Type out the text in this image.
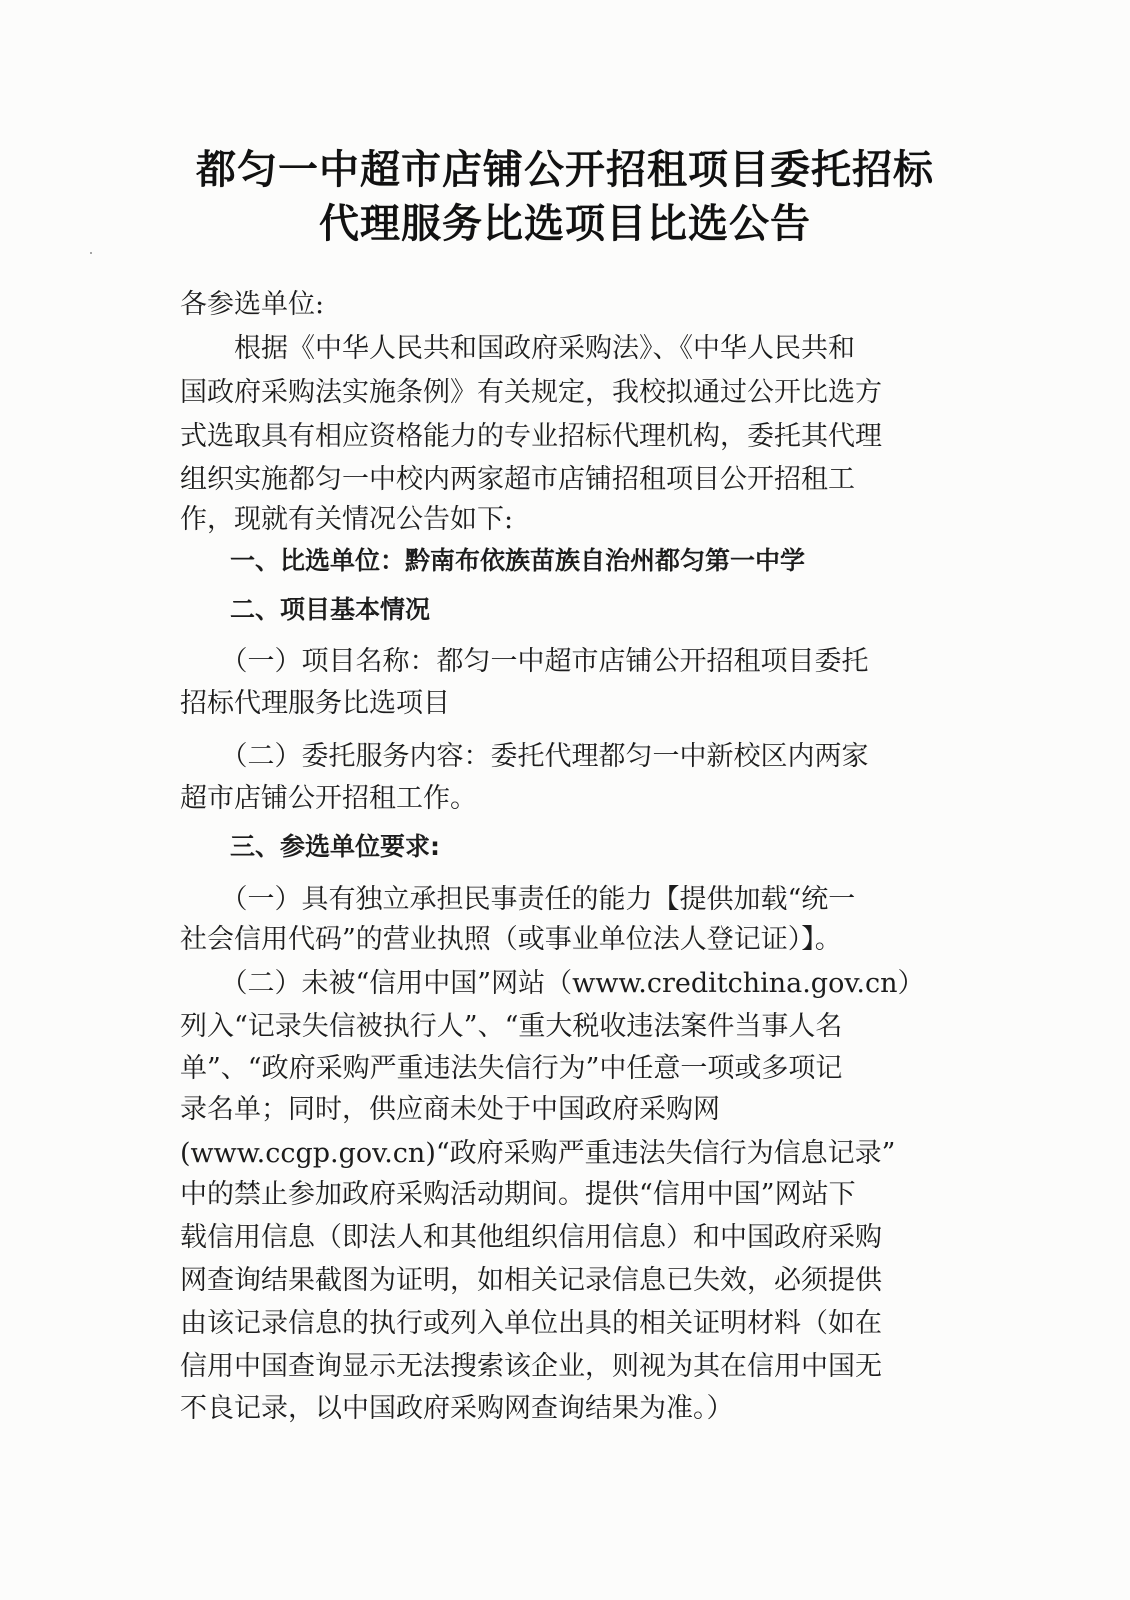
都匀一中超市店铺公开招租项目委托招标
代理服务比选项目比选公告
各参选单位:
　　根据《中华人民共和国政府采购法》、《中华人民共和
国政府采购法实施条例》有关规定，我校拟通过公开比选方
式选取具有相应资格能力的专业招标代理机构，委托其代理
组织实施都匀一中校内两家超市店铺招租项目公开招租工
作，现就有关情况公告如下:
　　一、比选单位：黔南布依族苗族自治州都匀第一中学
　　二、项目基本情况
　　（一）项目名称：都匀一中超市店铺公开招租项目委托
招标代理服务比选项目
　　（二）委托服务内容：委托代理都匀一中新校区内两家
超市店铺公开招租工作。
　　三、参选单位要求:
　　（一）具有独立承担民事责任的能力【提供加载“统一
社会信用代码”的营业执照（或事业单位法人登记证）】。
　　（二）未被“信用中国”网站（www.creditchina.gov.cn）
列入“记录失信被执行人”、“重大税收违法案件当事人名
单”、“政府采购严重违法失信行为”中任意一项或多项记
录名单；同时，供应商未处于中国政府采购网
(www.ccgp.gov.cn)“政府采购严重违法失信行为信息记录”
中的禁止参加政府采购活动期间。提供“信用中国”网站下
载信用信息（即法人和其他组织信用信息）和中国政府采购
网查询结果截图为证明，如相关记录信息已失效，必须提供
由该记录信息的执行或列入单位出具的相关证明材料（如在
信用中国查询显示无法搜索该企业，则视为其在信用中国无
不良记录，以中国政府采购网查询结果为准。）
